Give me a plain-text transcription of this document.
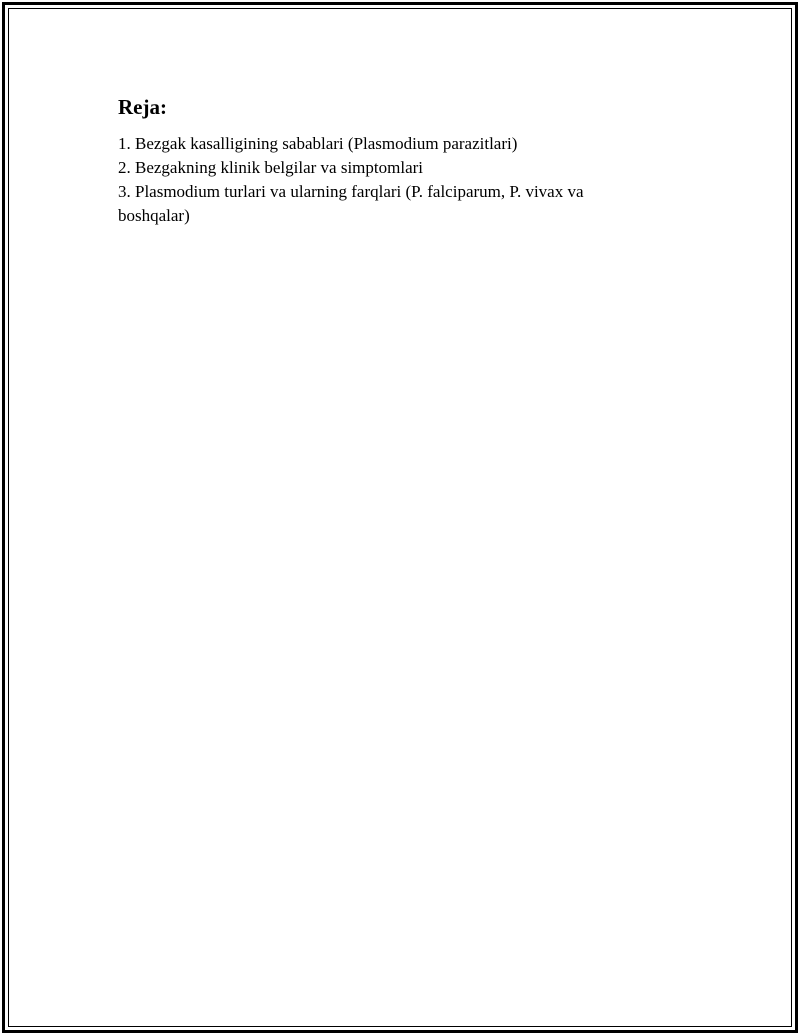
Reja:
1. Bezgak kasalligining sabablari (Plasmodium parazitlari)
2. Bezgakning klinik belgilar va simptomlari
3. Plasmodium turlari va ularning farqlari (P. falciparum, P. vivax va boshqalar)
